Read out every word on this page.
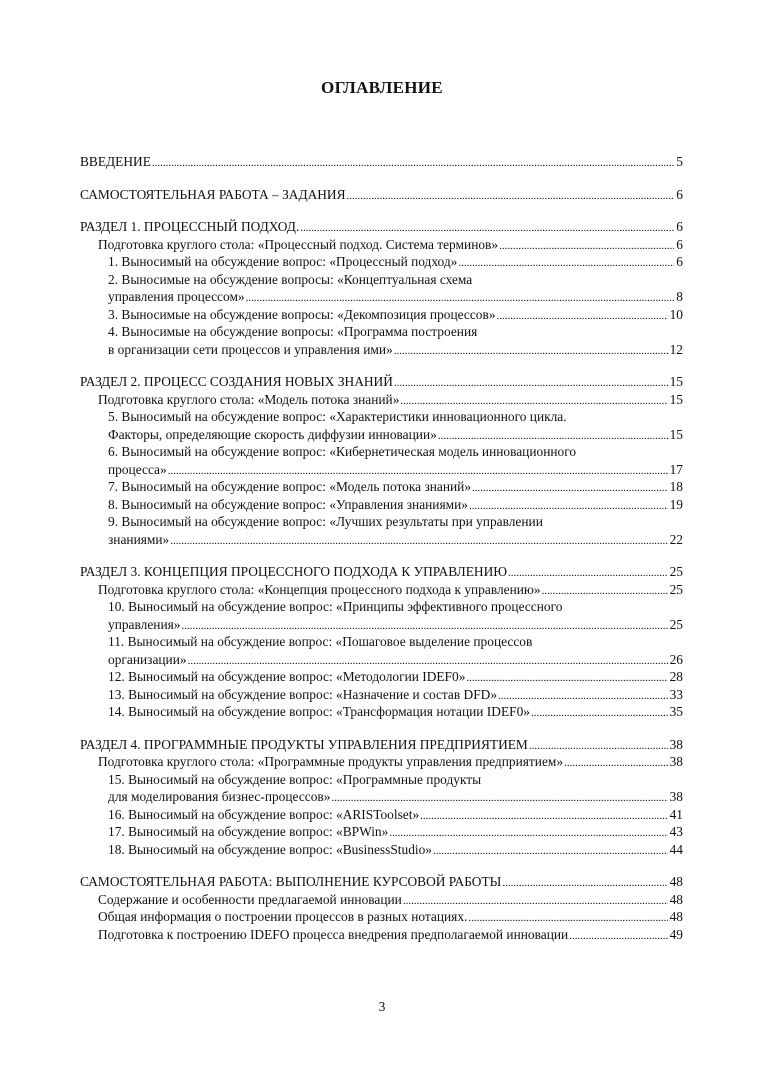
ОГЛАВЛЕНИЕ
ВВЕДЕНИЕ .....	5
САМОСТОЯТЕЛЬНАЯ РАБОТА – ЗАДАНИЯ .....	6
РАЗДЕЛ 1. ПРОЦЕССНЫЙ ПОДХОД. .....	6
Подготовка круглого стола: «Процессный подход. Система терминов» .....	6
1. Выносимый на обсуждение вопрос: «Процессный подход» .....	6
2. Выносимые на обсуждение вопросы: «Концептуальная схема
управления процессом» .....	8
3. Выносимые на обсуждение вопросы: «Декомпозиция процессов» .....	10
4. Выносимые на обсуждение вопросы: «Программа построения
в организации сети процессов и управления ими» .....	12
РАЗДЕЛ 2. ПРОЦЕСС СОЗДАНИЯ НОВЫХ ЗНАНИЙ .....	15
Подготовка круглого стола: «Модель потока знаний» .....	15
5. Выносимый на обсуждение вопрос: «Характеристики инновационного цикла.
Факторы, определяющие скорость диффузии инновации» .....	15
6. Выносимый на обсуждение вопрос: «Кибернетическая модель инновационного
процесса» .....	17
7. Выносимый на обсуждение вопрос: «Модель потока знаний» .....	18
8. Выносимый на обсуждение вопрос: «Управления знаниями» .....	19
9. Выносимый на обсуждение вопрос: «Лучших результаты при управлении
знаниями» .....	22
РАЗДЕЛ 3. КОНЦЕПЦИЯ ПРОЦЕССНОГО ПОДХОДА К УПРАВЛЕНИЮ .....	25
Подготовка круглого стола: «Концепция процессного подхода к управлению» .....	25
10. Выносимый на обсуждение вопрос: «Принципы эффективного процессного
управления» .....	25
11. Выносимый на обсуждение вопрос: «Пошаговое выделение процессов
организации» .....	26
12. Выносимый на обсуждение вопрос: «Методологии IDEF0» .....	28
13. Выносимый на обсуждение вопрос: «Назначение и состав DFD» .....	33
14. Выносимый на обсуждение вопрос: «Трансформация нотации IDEF0» .....	35
РАЗДЕЛ 4. ПРОГРАММНЫЕ ПРОДУКТЫ УПРАВЛЕНИЯ ПРЕДПРИЯТИЕМ .....	38
Подготовка круглого стола: «Программные продукты управления предприятием» .....	38
15. Выносимый на обсуждение вопрос: «Программные продукты
для моделирования бизнес-процессов» .....	38
16. Выносимый на обсуждение вопрос: «ARISToolset» .....	41
17. Выносимый на обсуждение вопрос: «BPWin» .....	43
18. Выносимый на обсуждение вопрос: «BusinessStudio» .....	44
САМОСТОЯТЕЛЬНАЯ РАБОТА: ВЫПОЛНЕНИЕ КУРСОВОЙ РАБОТЫ .....	48
Содержание и особенности предлагаемой инновации .....	48
Общая информация о построении процессов в разных нотациях. .....	48
Подготовка к построению IDEFO процесса внедрения предполагаемой инновации .....	49
3
